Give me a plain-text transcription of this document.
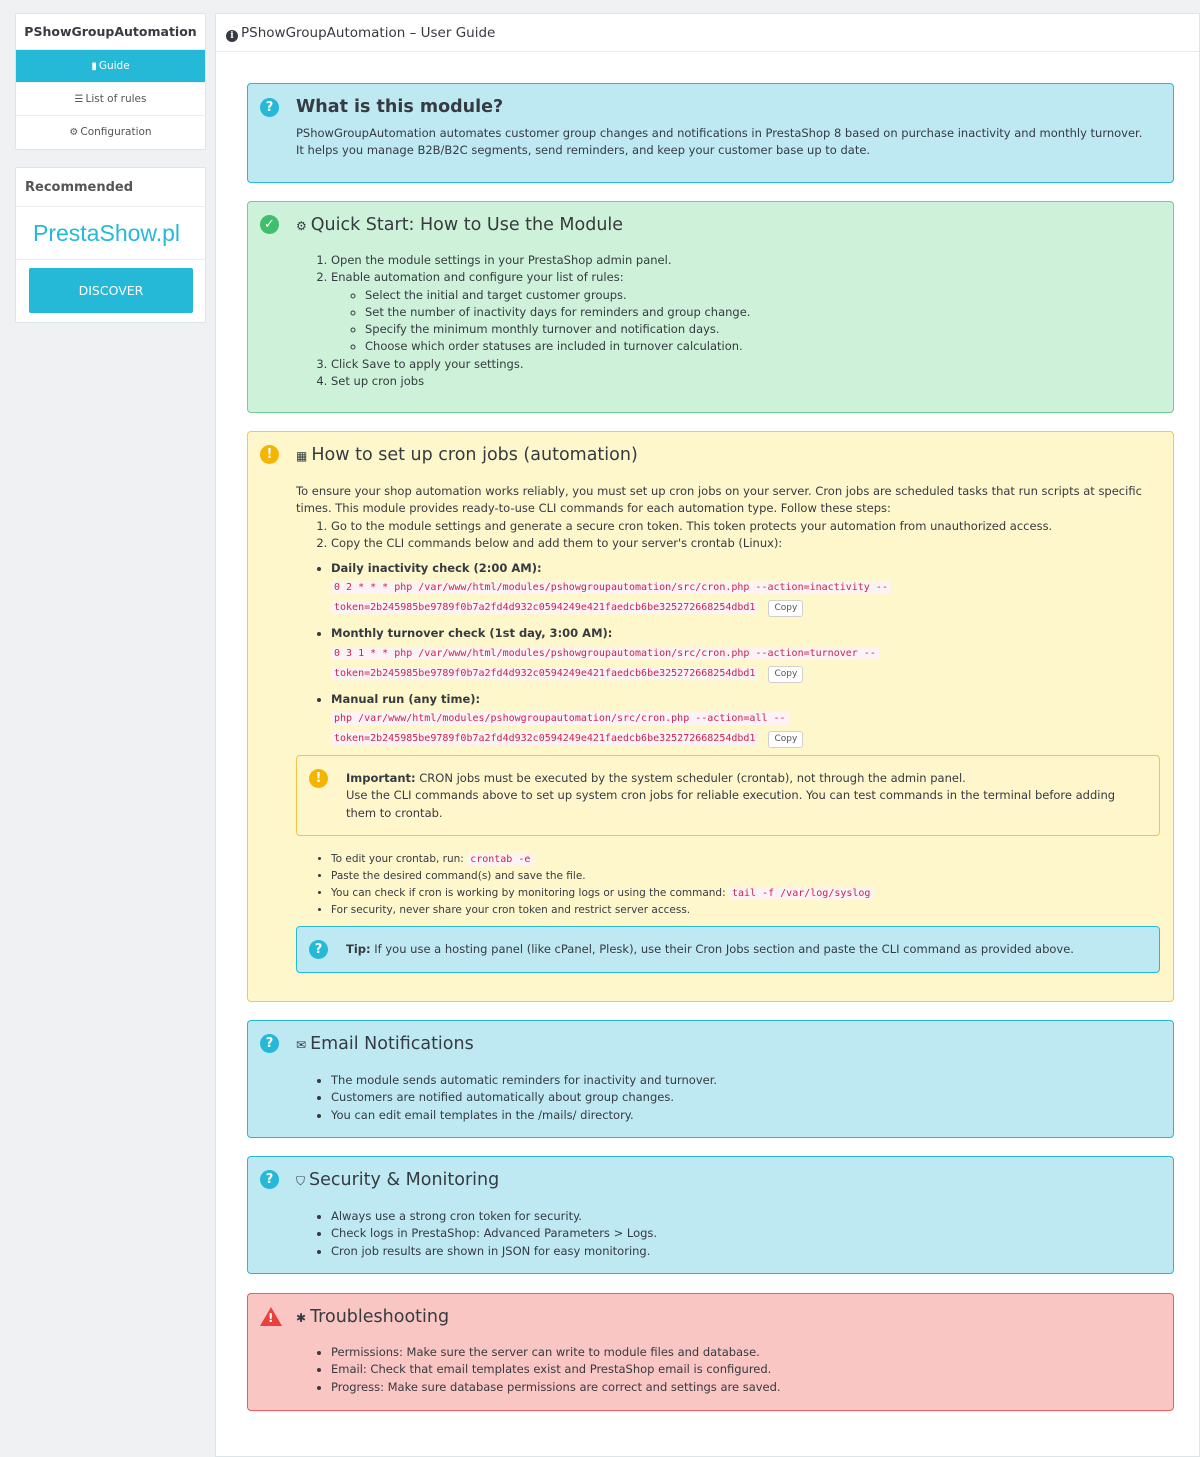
PShowGroupAutomation
▮ Guide
☰ List of rules
⚙ Configuration
Recommended
PrestaShow.pl
DISCOVER
i PShowGroupAutomation – User Guide
?	What is this module?
PShowGroupAutomation automates customer group changes and notifications in PrestaShop 8 based on purchase inactivity and monthly turnover. It helps you manage B2B/B2C segments, send reminders, and keep your customer base up to date.
✓	⚙ Quick Start: How to Use the Module
1. Open the module settings in your PrestaShop admin panel.
2. Enable automation and configure your list of rules:
◦ Select the initial and target customer groups.
◦ Set the number of inactivity days for reminders and group change.
◦ Specify the minimum monthly turnover and notification days.
◦ Choose which order statuses are included in turnover calculation.
3. Click Save to apply your settings.
4. Set up cron jobs
!	▦ How to set up cron jobs (automation)
To ensure your shop automation works reliably, you must set up cron jobs on your server. Cron jobs are scheduled tasks that run scripts at specific times. This module provides ready-to-use CLI commands for each automation type. Follow these steps:
1. Go to the module settings and generate a secure cron token. This token protects your automation from unauthorized access.
2. Copy the CLI commands below and add them to your server's crontab (Linux):
• Daily inactivity check (2:00 AM):
0 2 * * * php /var/www/html/modules/pshowgroupautomation/src/cron.php --action=inactivity --
token=2b245985be9789f0b7a2fd4d932c0594249e421faedcb6be325272668254dbd1 Copy
• Monthly turnover check (1st day, 3:00 AM):
0 3 1 * * php /var/www/html/modules/pshowgroupautomation/src/cron.php --action=turnover --
token=2b245985be9789f0b7a2fd4d932c0594249e421faedcb6be325272668254dbd1 Copy
• Manual run (any time):
php /var/www/html/modules/pshowgroupautomation/src/cron.php --action=all --
token=2b245985be9789f0b7a2fd4d932c0594249e421faedcb6be325272668254dbd1 Copy
!	Important: CRON jobs must be executed by the system scheduler (crontab), not through the admin panel.
Use the CLI commands above to set up system cron jobs for reliable execution. You can test commands in the terminal before adding them to crontab.
• To edit your crontab, run: crontab -e
• Paste the desired command(s) and save the file.
• You can check if cron is working by monitoring logs or using the command: tail -f /var/log/syslog
• For security, never share your cron token and restrict server access.
?	Tip: If you use a hosting panel (like cPanel, Plesk), use their Cron Jobs section and paste the CLI command as provided above.
?	✉ Email Notifications
• The module sends automatic reminders for inactivity and turnover.
• Customers are notified automatically about group changes.
• You can edit email templates in the /mails/ directory.
?	⛉ Security & Monitoring
• Always use a strong cron token for security.
• Check logs in PrestaShop: Advanced Parameters > Logs.
• Cron job results are shown in JSON for easy monitoring.
! ✱ Troubleshooting
• Permissions: Make sure the server can write to module files and database.
• Email: Check that email templates exist and PrestaShop email is configured.
• Progress: Make sure database permissions are correct and settings are saved.
